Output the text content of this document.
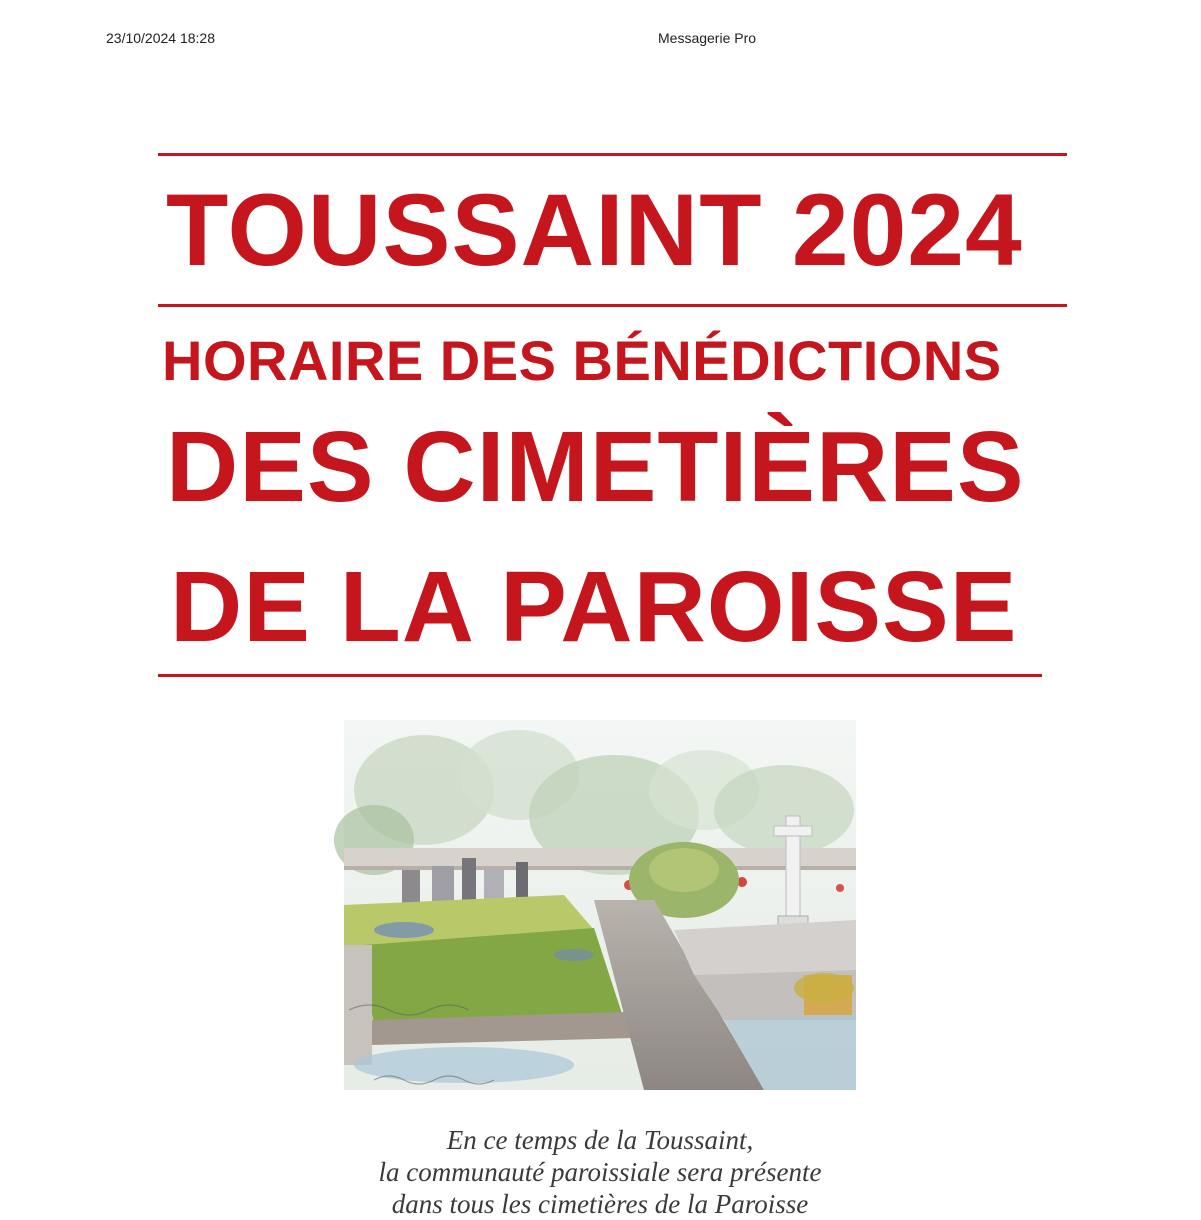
23/10/2024 18:28	Messagerie Pro
TOUSSAINT 2024
HORAIRE DES BÉNÉDICTIONS
DES CIMETIÈRES
DE LA PAROISSE
En ce temps de la Toussaint,
la communauté paroissiale sera présente
dans tous les cimetières de la Paroisse
